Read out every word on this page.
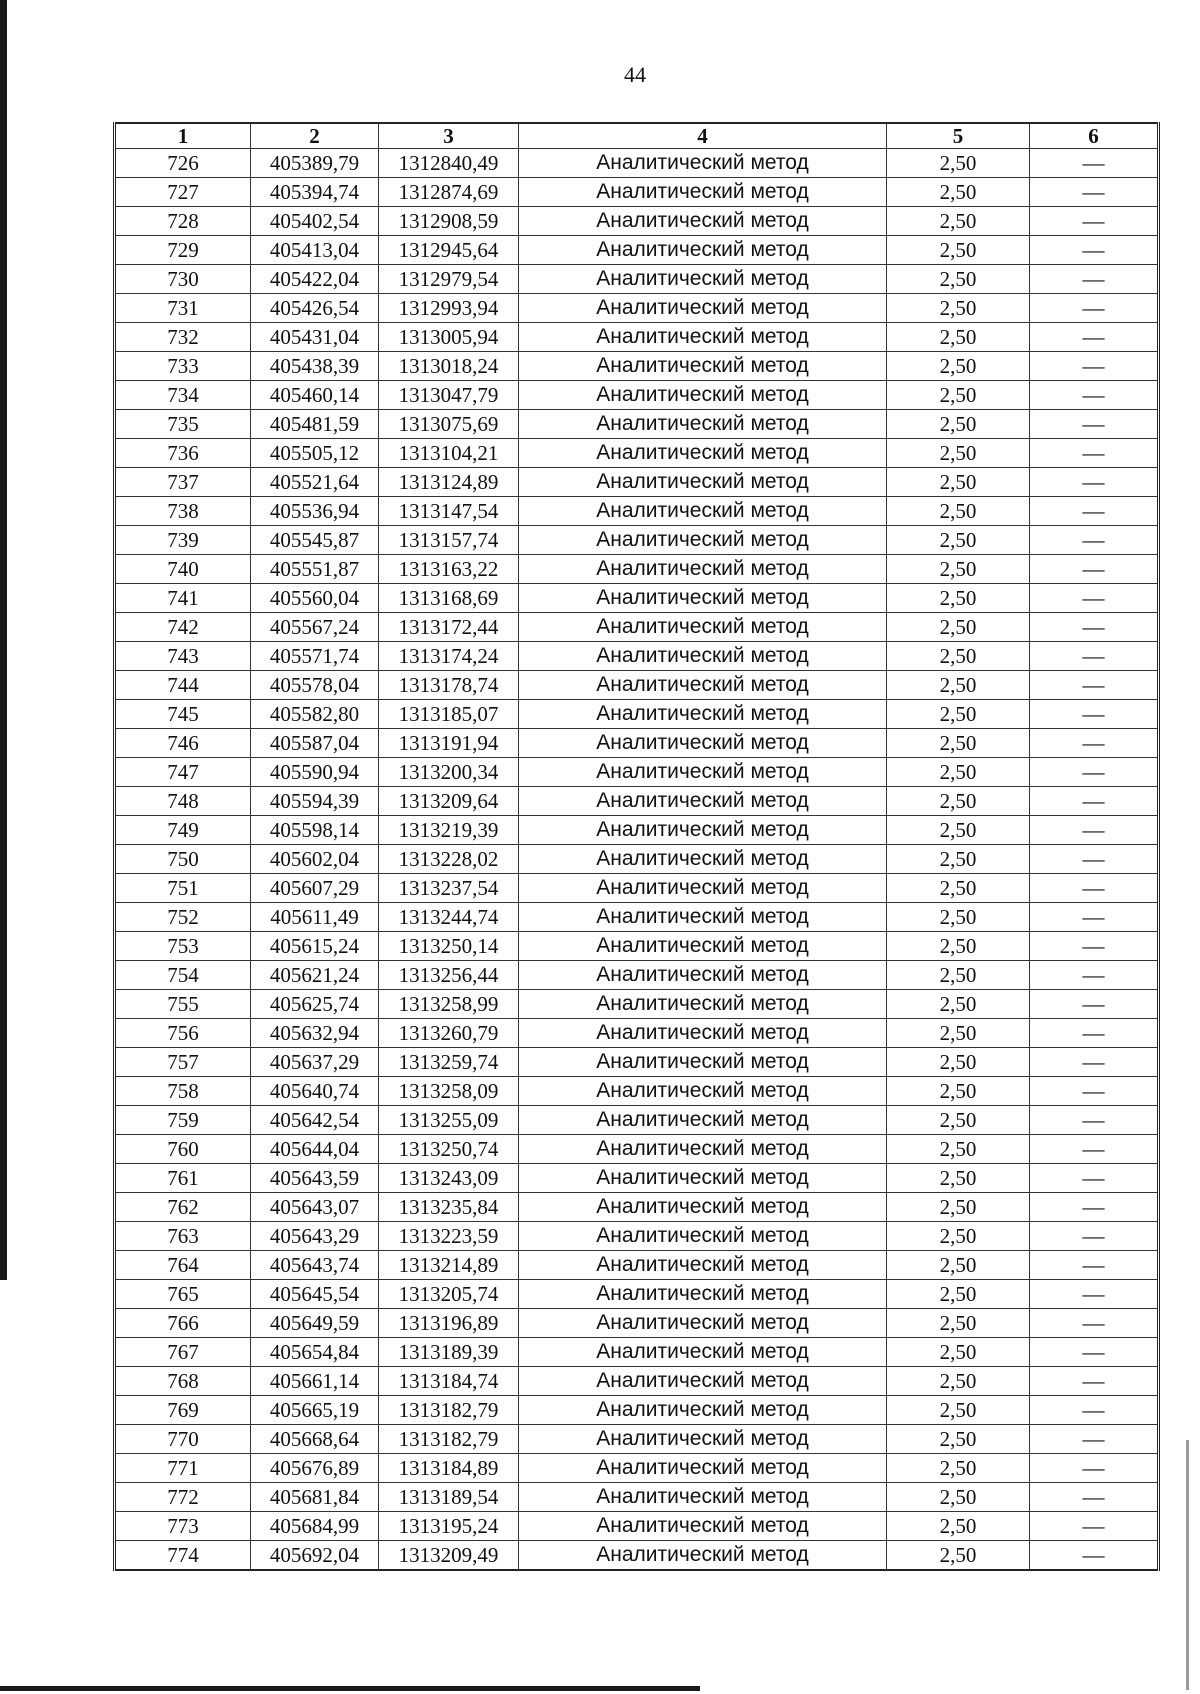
44
1	2	3	4	5	6
726	405389,79	1312840,49	Аналитический метод	2,50	—
727	405394,74	1312874,69	Аналитический метод	2,50	—
728	405402,54	1312908,59	Аналитический метод	2,50	—
729	405413,04	1312945,64	Аналитический метод	2,50	—
730	405422,04	1312979,54	Аналитический метод	2,50	—
731	405426,54	1312993,94	Аналитический метод	2,50	—
732	405431,04	1313005,94	Аналитический метод	2,50	—
733	405438,39	1313018,24	Аналитический метод	2,50	—
734	405460,14	1313047,79	Аналитический метод	2,50	—
735	405481,59	1313075,69	Аналитический метод	2,50	—
736	405505,12	1313104,21	Аналитический метод	2,50	—
737	405521,64	1313124,89	Аналитический метод	2,50	—
738	405536,94	1313147,54	Аналитический метод	2,50	—
739	405545,87	1313157,74	Аналитический метод	2,50	—
740	405551,87	1313163,22	Аналитический метод	2,50	—
741	405560,04	1313168,69	Аналитический метод	2,50	—
742	405567,24	1313172,44	Аналитический метод	2,50	—
743	405571,74	1313174,24	Аналитический метод	2,50	—
744	405578,04	1313178,74	Аналитический метод	2,50	—
745	405582,80	1313185,07	Аналитический метод	2,50	—
746	405587,04	1313191,94	Аналитический метод	2,50	—
747	405590,94	1313200,34	Аналитический метод	2,50	—
748	405594,39	1313209,64	Аналитический метод	2,50	—
749	405598,14	1313219,39	Аналитический метод	2,50	—
750	405602,04	1313228,02	Аналитический метод	2,50	—
751	405607,29	1313237,54	Аналитический метод	2,50	—
752	405611,49	1313244,74	Аналитический метод	2,50	—
753	405615,24	1313250,14	Аналитический метод	2,50	—
754	405621,24	1313256,44	Аналитический метод	2,50	—
755	405625,74	1313258,99	Аналитический метод	2,50	—
756	405632,94	1313260,79	Аналитический метод	2,50	—
757	405637,29	1313259,74	Аналитический метод	2,50	—
758	405640,74	1313258,09	Аналитический метод	2,50	—
759	405642,54	1313255,09	Аналитический метод	2,50	—
760	405644,04	1313250,74	Аналитический метод	2,50	—
761	405643,59	1313243,09	Аналитический метод	2,50	—
762	405643,07	1313235,84	Аналитический метод	2,50	—
763	405643,29	1313223,59	Аналитический метод	2,50	—
764	405643,74	1313214,89	Аналитический метод	2,50	—
765	405645,54	1313205,74	Аналитический метод	2,50	—
766	405649,59	1313196,89	Аналитический метод	2,50	—
767	405654,84	1313189,39	Аналитический метод	2,50	—
768	405661,14	1313184,74	Аналитический метод	2,50	—
769	405665,19	1313182,79	Аналитический метод	2,50	—
770	405668,64	1313182,79	Аналитический метод	2,50	—
771	405676,89	1313184,89	Аналитический метод	2,50	—
772	405681,84	1313189,54	Аналитический метод	2,50	—
773	405684,99	1313195,24	Аналитический метод	2,50	—
774	405692,04	1313209,49	Аналитический метод	2,50	—
